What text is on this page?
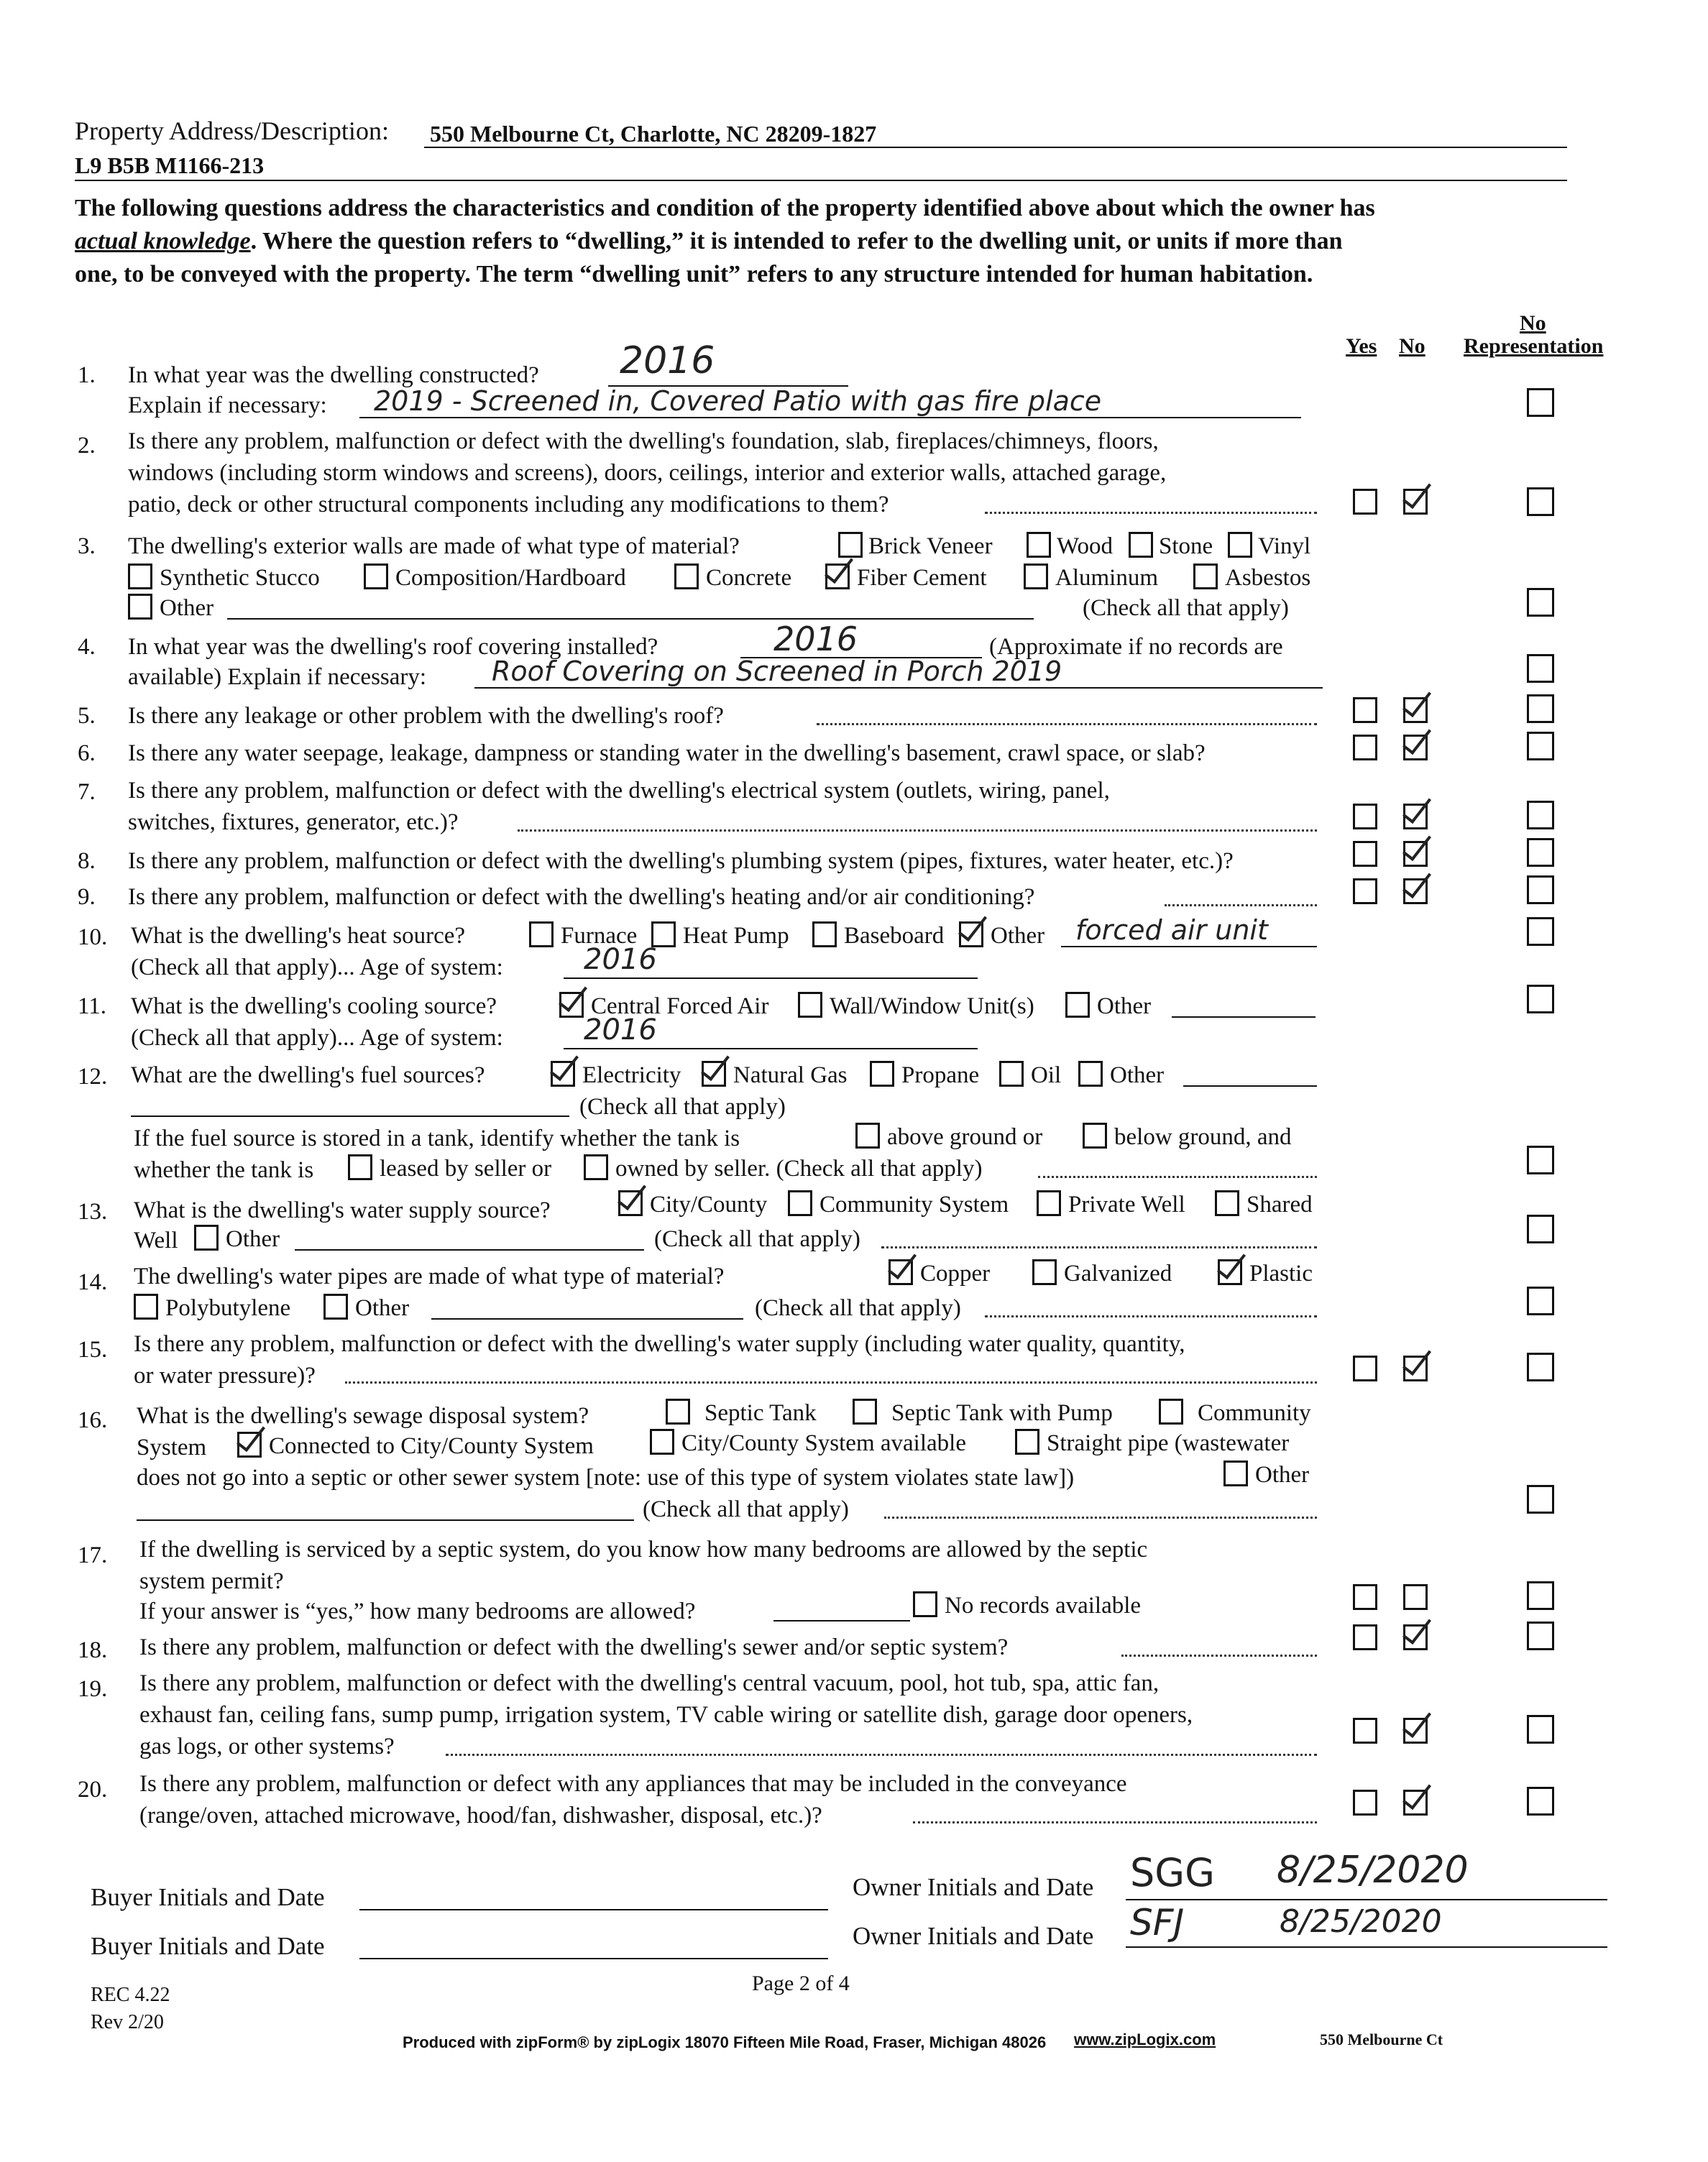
Property Address/Description: 550 Melbourne Ct, Charlotte, NC 28209-1827
L9 B5B M1166-213
The following questions address the characteristics and condition of the property identified above about which the owner has
actual knowledge. Where the question refers to “dwelling,” it is intended to refer to the dwelling unit, or units if more than
one, to be conveyed with the property. The term “dwelling unit” refers to any structure intended for human habitation.
Yes No
No
Representation
1.	In what year was the dwelling constructed? 2016
Explain if necessary: 2019 - Screened in, Covered Patio with gas fire place
2.	Is there any problem, malfunction or defect with the dwelling's foundation, slab, fireplaces/chimneys, floors,
windows (including storm windows and screens), doors, ceilings, interior and exterior walls, attached garage,
patio, deck or other structural components including any modifications to them?
3.	The dwelling's exterior walls are made of what type of material?	Brick Veneer	Wood Stone Vinyl
Synthetic Stucco	Composition/Hardboard	Concrete	Fiber Cement	Aluminum	Asbestos
Other	(Check all that apply)
4.	In what year was the dwelling's roof covering installed?	2016	(Approximate if no records are
available) Explain if necessary: Roof Covering on Screened in Porch 2019
5.	Is there any leakage or other problem with the dwelling's roof?
6.	Is there any water seepage, leakage, dampness or standing water in the dwelling's basement, crawl space, or slab?
7.	Is there any problem, malfunction or defect with the dwelling's electrical system (outlets, wiring, panel,
switches, fixtures, generator, etc.)?
8.	Is there any problem, malfunction or defect with the dwelling's plumbing system (pipes, fixtures, water heater, etc.)?
9.	Is there any problem, malfunction or defect with the dwelling's heating and/or air conditioning?
10. What is the dwelling's heat source?	Furnace Heat Pump Baseboard Other forced air unit
(Check all that apply)... Age of system:	2016
11.	What is the dwelling's cooling source?	Central Forced Air	Wall/Window Unit(s)	Other
(Check all that apply)... Age of system:	2016
12. What are the dwelling's fuel sources?	Electricity Natural Gas Propane Oil Other
(Check all that apply)
If the fuel source is stored in a tank, identify whether the tank is	above ground or	below ground, and
whether the tank is	leased by seller or	owned by seller. (Check all that apply)
13.	What is the dwelling's water supply source?	City/County Community System	Private Well	Shared
Well Other	(Check all that apply)
14.	The dwelling's water pipes are made of what type of material?	Copper	Galvanized	Plastic
Polybutylene	Other	(Check all that apply)
15.	Is there any problem, malfunction or defect with the dwelling's water supply (including water quality, quantity,
or water pressure)?
16.	What is the dwelling's sewage disposal system?	Septic Tank	Septic Tank with Pump	Community
System	Connected to City/County System	City/County System available	Straight pipe (wastewater
does not go into a septic or other sewer system [note: use of this type of system violates state law])	Other
(Check all that apply)
17.	If the dwelling is serviced by a septic system, do you know how many bedrooms are allowed by the septic
system permit?
If your answer is “yes,” how many bedrooms are allowed?	No records available
18.	Is there any problem, malfunction or defect with the dwelling's sewer and/or septic system?
19.	Is there any problem, malfunction or defect with the dwelling's central vacuum, pool, hot tub, spa, attic fan,
exhaust fan, ceiling fans, sump pump, irrigation system, TV cable wiring or satellite dish, garage door openers,
gas logs, or other systems?
20.	Is there any problem, malfunction or defect with any appliances that may be included in the conveyance
(range/oven, attached microwave, hood/fan, dishwasher, disposal, etc.)?
Buyer Initials and Date
Buyer Initials and Date
Owner Initials and Date SGG 8/25/2020
Owner Initials and Date SFJ	8/25/2020
Page 2 of 4
REC 4.22
Rev 2/20
Produced with zipForm® by zipLogix 18070 Fifteen Mile Road, Fraser, Michigan 48026 www.zipLogix.com	550 Melbourne Ct
